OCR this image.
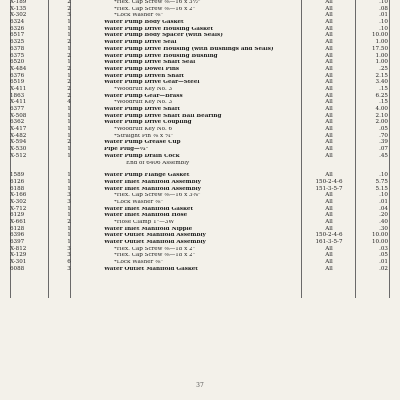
X-189	2	*Hex. Cap Screw ⅜—16 x 3½"	All	.10
X-135	2	*Hex. Cap Screw ⅜—16 x 2"	All	.08
X-302	3	*Lock Washer ⅜"	All	.01
6324	1	Water Pump Body Gasket	All	.10
6326	1	Water Pump Drive Housing Gasket	All	.10
6517	1	Water Pump Body Spacer (with Seals)	All	10.00
6325	2	Water Pump Drive Seal	All	1.00
6378	1	Water Pump Drive Housing (with Bushings and Seals)	All	17.50
6375	2	Water Pump Drive Housing Bushing	All	1.00
6520	1	Water Pump Drive Shaft Seal	All	1.00
X-484	2	Water Pump Dowel Pins	All	.25
6376	1	Water Pump Driven Shaft	All	2.15
6519	2	Water Pump Drive Gear—Steel	All	3.40
X-411	2	*Woodruff Key No. 3	All	.15
1863	2	Water Pump Gear—Brass	All	6.25
X-411	4	*Woodruff Key No. 3	All	.15
6377	1	Water Pump Drive Shaft	All	4.00
X-508	1	Water Pump Drive Shaft Ball Bearing	All	2.10
6362	1	Water Pump Drive Coupling	All	2.00
X-417	1	*Woodruff Key No. 6	All	.05
X-482	1	*Straight Pin ⅜ x ¾"	All	.70
X-594	2	Water Pump Grease Cup	All	.39
X-530	1	Pipe Plug—½"	All	.07
X-512	1	Water Pump Drain Cock	All	.45
End of 6406 Assembly
1589	1	Water Pump Flange Gasket	All	.10
6126	1	Water Inlet Manifold Assembly	150-2-4-6	5.75
6188	1	Water Inlet Manifold Assembly	151-3-5-7	5.15
X-166	3	*Hex. Cap Screw ⅜—16 x 3⅝"	All	.10
X-302	3	*Lock Washer ⅜"	All	.01
X-712	1	Water Inlet Manifold Gasket	All	.04
6129	1	Water Inlet Manifold Hose	All	.20
X-661	2	*Hose Clamp 1"—3W	All	.40
6128	1	Water Inlet Manifold Nipple	All	.30
6396	1	Water Outlet Manifold Assembly	150-2-4-6	10.00
6397	1	Water Outlet Manifold Assembly	161-3-5-7	10.00
X-812	3	*Hex. Cap Screw ⅜—18 x 2"	All	.03
X-129	3	*Hex. Cap Screw ⅜—18 x 2"	All	.05
X-301	6	*Lock Washer ⅜"	All	.01
6088	3	Water Outlet Manifold Gasket	All	.02
37
